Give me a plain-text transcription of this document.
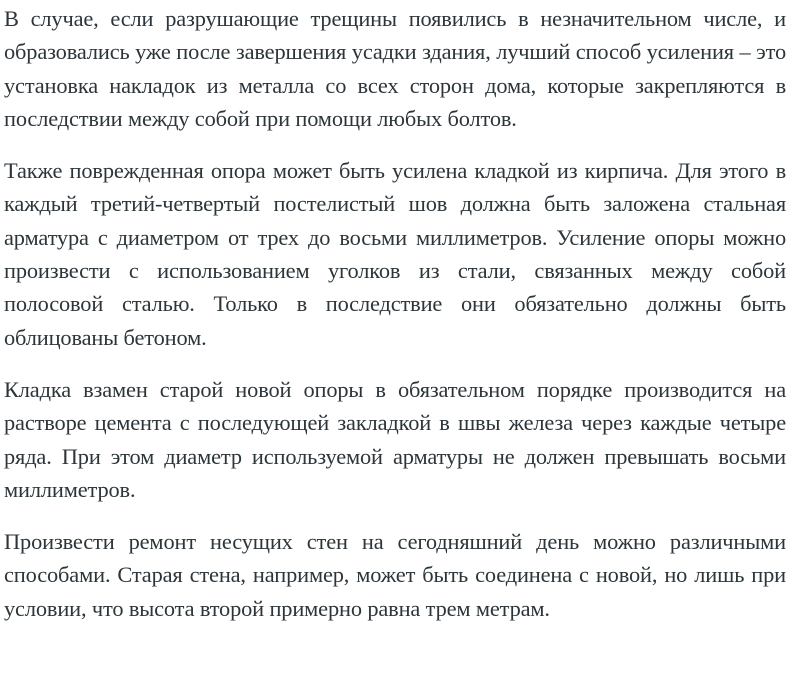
В случае, если разрушающие трещины появились в незначительном числе, и образовались уже после завершения усадки здания, лучший способ усиления – это установка накладок из металла со всех сторон дома, которые закрепляются в последствии между собой при помощи любых болтов.

Также поврежденная опора может быть усилена кладкой из кирпича. Для этого в каждый третий-четвертый постелистый шов должна быть заложена стальная арматура с диаметром от трех до восьми миллиметров. Усиление опоры можно произвести с использованием уголков из стали, связанных между собой полосовой сталью. Только в последствие они обязательно должны быть облицованы бетоном.

Кладка взамен старой новой опоры в обязательном порядке производится на растворе цемента с последующей закладкой в швы железа через каждые четыре ряда. При этом диаметр используемой арматуры не должен превышать восьми миллиметров.

Произвести ремонт несущих стен на сегодняшний день можно различными способами. Старая стена, например, может быть соединена с новой, но лишь при условии, что высота второй примерно равна трем метрам.
